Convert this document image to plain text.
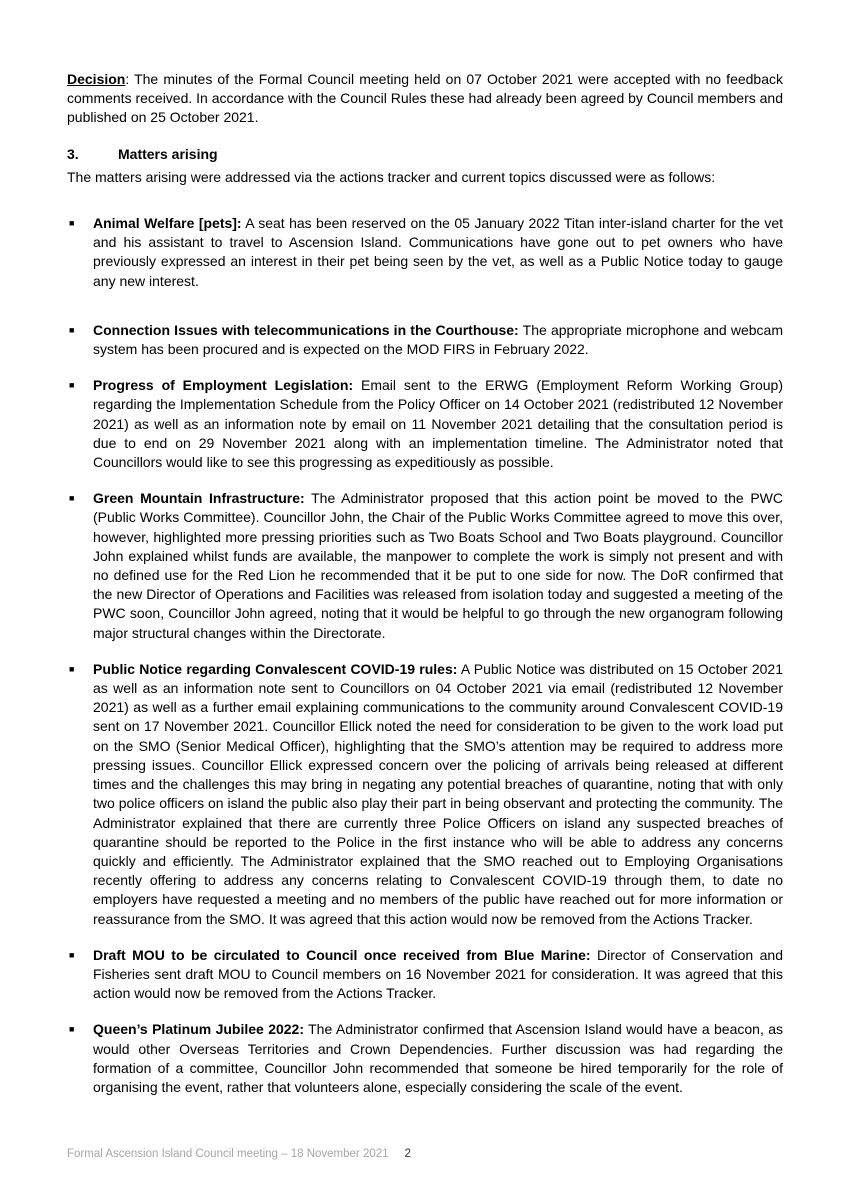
Decision: The minutes of the Formal Council meeting held on 07 October 2021 were accepted with no feedback comments received. In accordance with the Council Rules these had already been agreed by Council members and published on 25 October 2021.

3.	Matters arising

The matters arising were addressed via the actions tracker and current topics discussed were as follows:

■ Animal Welfare [pets]: A seat has been reserved on the 05 January 2022 Titan inter-island charter for the vet and his assistant to travel to Ascension Island. Communications have gone out to pet owners who have previously expressed an interest in their pet being seen by the vet, as well as a Public Notice today to gauge any new interest.
■ Connection Issues with telecommunications in the Courthouse: The appropriate microphone and webcam system has been procured and is expected on the MOD FIRS in February 2022.
■ Progress of Employment Legislation: Email sent to the ERWG (Employment Reform Working Group) regarding the Implementation Schedule from the Policy Officer on 14 October 2021 (redistributed 12 November 2021) as well as an information note by email on 11 November 2021 detailing that the consultation period is due to end on 29 November 2021 along with an implementation timeline. The Administrator noted that Councillors would like to see this progressing as expeditiously as possible.
■ Green Mountain Infrastructure: The Administrator proposed that this action point be moved to the PWC (Public Works Committee). Councillor John, the Chair of the Public Works Committee agreed to move this over, however, highlighted more pressing priorities such as Two Boats School and Two Boats playground. Councillor John explained whilst funds are available, the manpower to complete the work is simply not present and with no defined use for the Red Lion he recommended that it be put to one side for now. The DoR confirmed that the new Director of Operations and Facilities was released from isolation today and suggested a meeting of the PWC soon, Councillor John agreed, noting that it would be helpful to go through the new organogram following major structural changes within the Directorate.
■ Public Notice regarding Convalescent COVID-19 rules: A Public Notice was distributed on 15 October 2021 as well as an information note sent to Councillors on 04 October 2021 via email (redistributed 12 November 2021) as well as a further email explaining communications to the community around Convalescent COVID-19 sent on 17 November 2021. Councillor Ellick noted the need for consideration to be given to the work load put on the SMO (Senior Medical Officer), highlighting that the SMO’s attention may be required to address more pressing issues. Councillor Ellick expressed concern over the policing of arrivals being released at different times and the challenges this may bring in negating any potential breaches of quarantine, noting that with only two police officers on island the public also play their part in being observant and protecting the community. The Administrator explained that there are currently three Police Officers on island any suspected breaches of quarantine should be reported to the Police in the first instance who will be able to address any concerns quickly and efficiently. The Administrator explained that the SMO reached out to Employing Organisations recently offering to address any concerns relating to Convalescent COVID-19 through them, to date no employers have requested a meeting and no members of the public have reached out for more information or reassurance from the SMO. It was agreed that this action would now be removed from the Actions Tracker.
■ Draft MOU to be circulated to Council once received from Blue Marine: Director of Conservation and Fisheries sent draft MOU to Council members on 16 November 2021 for consideration. It was agreed that this action would now be removed from the Actions Tracker.
■ Queen’s Platinum Jubilee 2022: The Administrator confirmed that Ascension Island would have a beacon, as would other Overseas Territories and Crown Dependencies. Further discussion was had regarding the formation of a committee, Councillor John recommended that someone be hired temporarily for the role of organising the event, rather that volunteers alone, especially considering the scale of the event.
Formal Ascension Island Council meeting – 18 November 2021 2
